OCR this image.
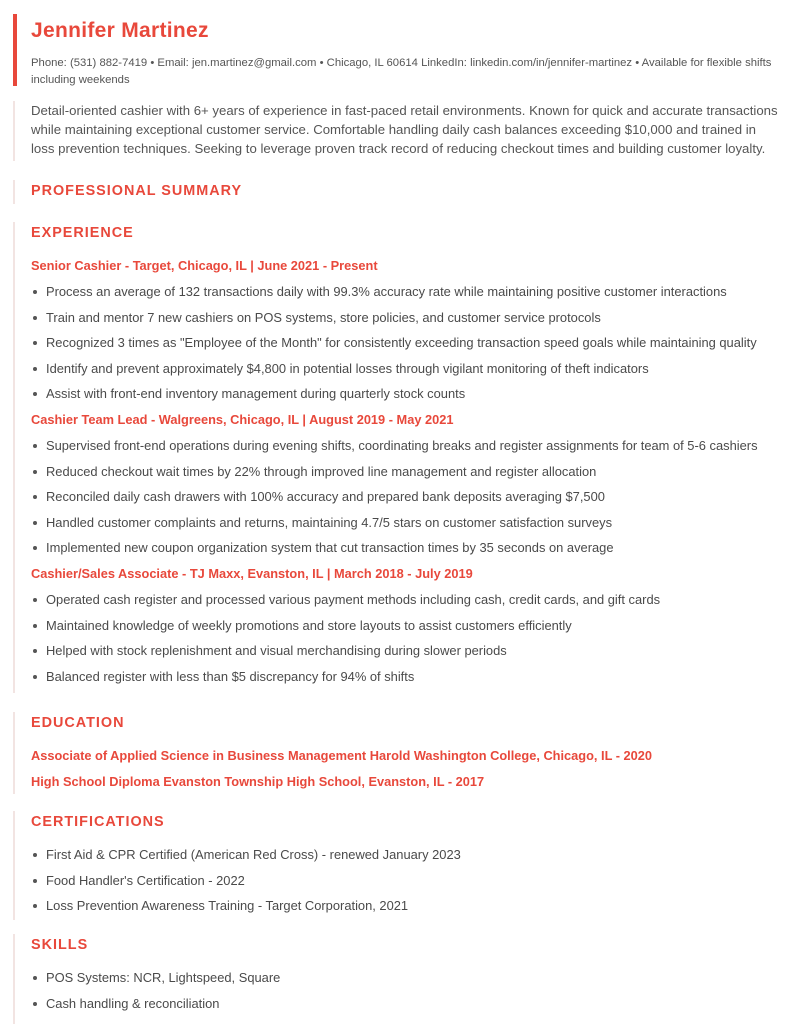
Jennifer Martinez
Phone: (531) 882-7419 • Email: jen.martinez@gmail.com • Chicago, IL 60614 LinkedIn: linkedin.com/in/jennifer-martinez • Available for flexible shifts including weekends

Detail-oriented cashier with 6+ years of experience in fast-paced retail environments. Known for quick and accurate transactions while maintaining exceptional customer service. Comfortable handling daily cash balances exceeding $10,000 and trained in loss prevention techniques. Seeking to leverage proven track record of reducing checkout times and building customer loyalty.

PROFESSIONAL SUMMARY
EXPERIENCE
Senior Cashier - Target, Chicago, IL | June 2021 - Present
Process an average of 132 transactions daily with 99.3% accuracy rate while maintaining positive customer interactions
Train and mentor 7 new cashiers on POS systems, store policies, and customer service protocols
Recognized 3 times as "Employee of the Month" for consistently exceeding transaction speed goals while maintaining quality
Identify and prevent approximately $4,800 in potential losses through vigilant monitoring of theft indicators
Assist with front-end inventory management during quarterly stock counts
Cashier Team Lead - Walgreens, Chicago, IL | August 2019 - May 2021
Supervised front-end operations during evening shifts, coordinating breaks and register assignments for team of 5-6 cashiers
Reduced checkout wait times by 22% through improved line management and register allocation
Reconciled daily cash drawers with 100% accuracy and prepared bank deposits averaging $7,500
Handled customer complaints and returns, maintaining 4.7/5 stars on customer satisfaction surveys
Implemented new coupon organization system that cut transaction times by 35 seconds on average
Cashier/Sales Associate - TJ Maxx, Evanston, IL | March 2018 - July 2019
Operated cash register and processed various payment methods including cash, credit cards, and gift cards
Maintained knowledge of weekly promotions and store layouts to assist customers efficiently
Helped with stock replenishment and visual merchandising during slower periods
Balanced register with less than $5 discrepancy for 94% of shifts
EDUCATION
Associate of Applied Science in Business Management Harold Washington College, Chicago, IL - 2020
High School Diploma Evanston Township High School, Evanston, IL - 2017
CERTIFICATIONS
First Aid & CPR Certified (American Red Cross) - renewed January 2023
Food Handler's Certification - 2022
Loss Prevention Awareness Training - Target Corporation, 2021
SKILLS
POS Systems: NCR, Lightspeed, Square
Cash handling & reconciliation
